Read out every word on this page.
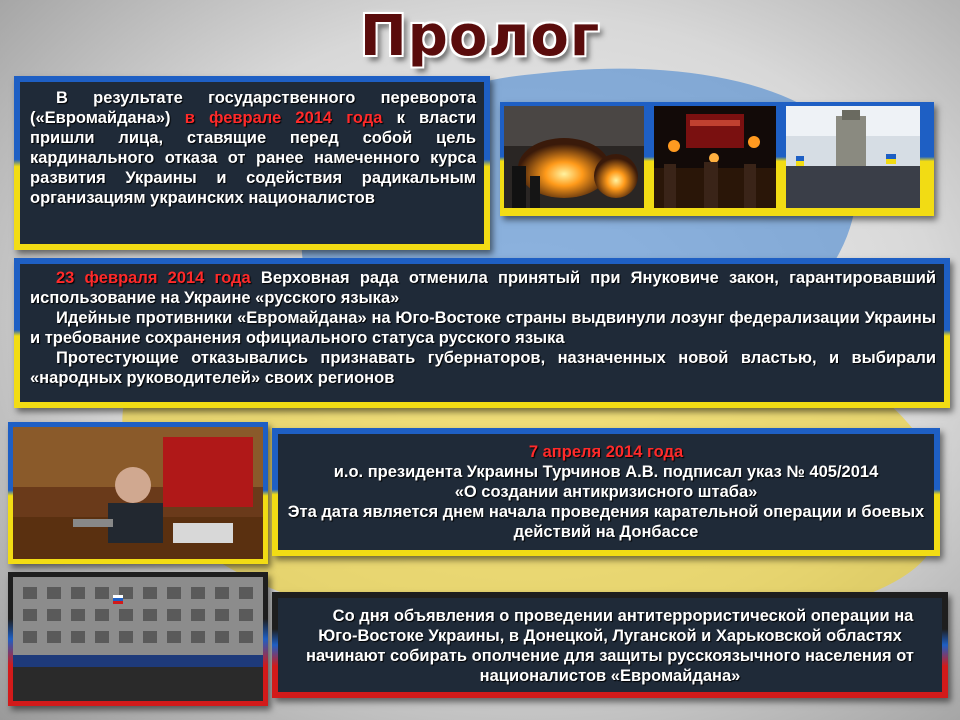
Пролог

В результате государственного переворота («Евромайдана») в феврале 2014 года к власти пришли лица, ставящие перед собой цель кардинального отказа от ранее намеченного курса развития Украины и содействия радикальным организациям украинских националистов

23 февраля 2014 года Верховная рада отменила принятый при Януковиче закон, гарантировавший использование на Украине «русского языка»

Идейные противники «Евромайдана» на Юго-Востоке страны выдвинули лозунг федерализации Украины и требование сохранения официального статуса русского языка

Протестующие отказывались признавать губернаторов, назначенных новой властью, и выбирали «народных руководителей» своих регионов

7 апреля 2014 года

и.о. президента Украины Турчинов А.В. подписал указ № 405/2014

«О создании антикризисного штаба»

Эта дата является днем начала проведения карательной операции и боевых действий на Донбассе

Со дня объявления о проведении антитеррористической операции на Юго-Востоке Украины, в Донецкой, Луганской и Харьковской областях начинают собирать ополчение для защиты русскоязычного населения от националистов «Евромайдана»
